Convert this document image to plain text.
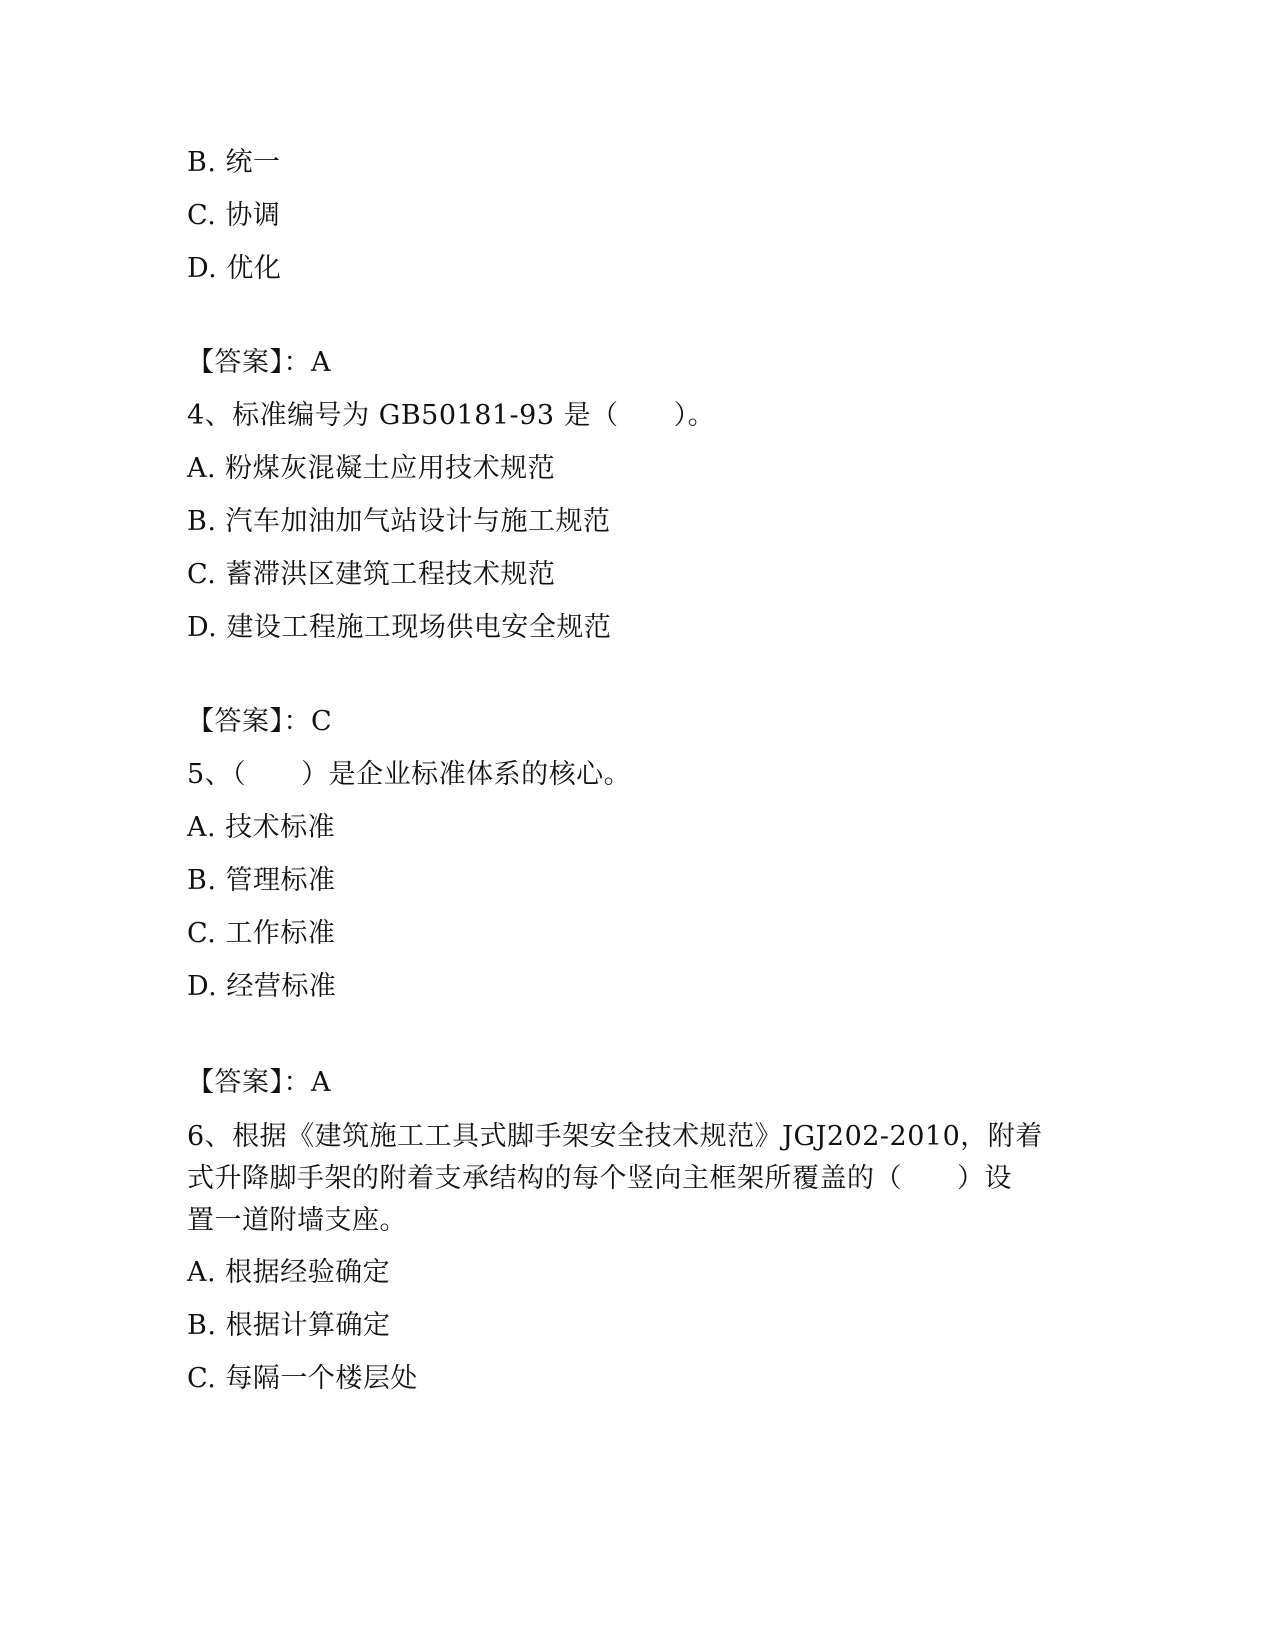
B. 统一
C. 协调
D. 优化
【答案】：A
4、标准编号为 GB50181-93 是（　　）。
A. 粉煤灰混凝土应用技术规范
B. 汽车加油加气站设计与施工规范
C. 蓄滞洪区建筑工程技术规范
D. 建设工程施工现场供电安全规范
【答案】：C
5、（　　）是企业标准体系的核心。
A. 技术标准
B. 管理标准
C. 工作标准
D. 经营标准
【答案】：A
6、根据《建筑施工工具式脚手架安全技术规范》JGJ202-2010，附着
式升降脚手架的附着支承结构的每个竖向主框架所覆盖的（　　）设
置一道附墙支座。
A. 根据经验确定
B. 根据计算确定
C. 每隔一个楼层处
